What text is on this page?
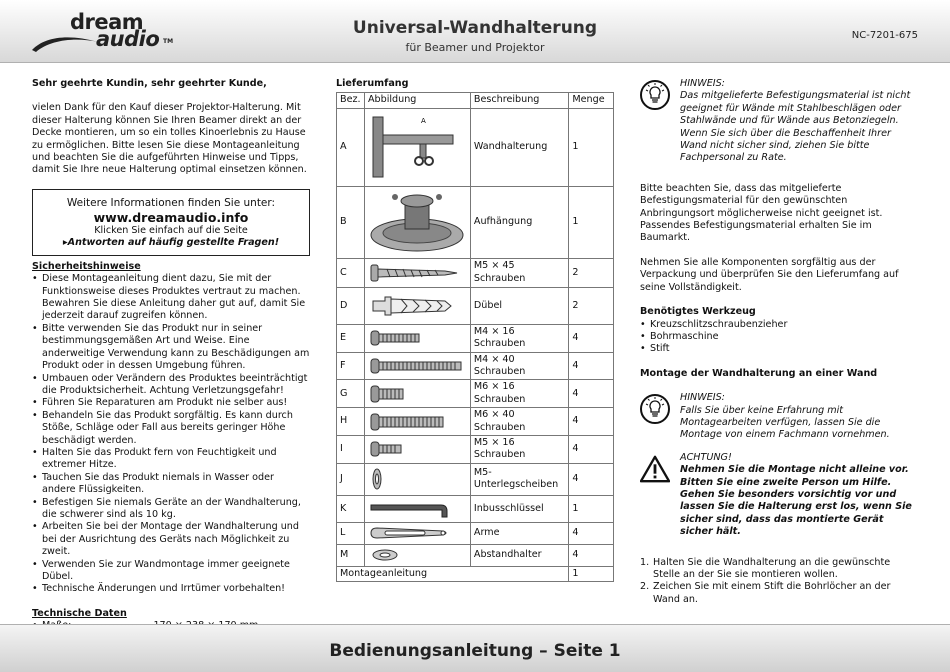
dream
audio TM
Universal-Wandhalterung
für Beamer und Projektor
NC-7201-675
Sehr geehrte Kundin, sehr geehrter Kunde,

vielen Dank für den Kauf dieser Projektor-Halterung. Mit dieser Halterung können Sie Ihren Beamer direkt an der Decke montieren, um so ein tolles Kinoerlebnis zu Hause zu ermöglichen. Bitte lesen Sie diese Montageanleitung und beachten Sie die aufgeführten Hinweise und Tipps, damit Sie Ihre neue Halterung optimal einsetzen können.

Weitere Informationen finden Sie unter:
www.dreamaudio.info
Klicken Sie einfach auf die Seite
▸Antworten auf häufig gestellte Fragen!
Sicherheitshinweise
• Diese Montageanleitung dient dazu, Sie mit der Funktionsweise dieses Produktes vertraut zu machen. Bewahren Sie diese Anleitung daher gut auf, damit Sie jederzeit darauf zugreifen können.
• Bitte verwenden Sie das Produkt nur in seiner bestimmungsgemäßen Art und Weise. Eine anderweitige Verwendung kann zu Beschädigungen am Produkt oder in dessen Umgebung führen.
• Umbauen oder Verändern des Produktes beeinträchtigt die Produktsicherheit. Achtung Verletzungsgefahr!
• Führen Sie Reparaturen am Produkt nie selber aus!
• Behandeln Sie das Produkt sorgfältig. Es kann durch Stöße, Schläge oder Fall aus bereits geringer Höhe beschädigt werden.
• Halten Sie das Produkt fern von Feuchtigkeit und extremer Hitze.
• Tauchen Sie das Produkt niemals in Wasser oder andere Flüssigkeiten.
• Befestigen Sie niemals Geräte an der Wandhalterung, die schwerer sind als 10 kg.
• Arbeiten Sie bei der Montage der Wandhalterung und bei der Ausrichtung des Geräts nach Möglichkeit zu zweit.
• Verwenden Sie zur Wandmontage immer geeignete Dübel.
• Technische Änderungen und Irrtümer vorbehalten!
Technische Daten
•
•
•
•
Lieferumfang
Bez.	Abbildung	Beschreibung	Menge
A	A	Wandhalterung	1
B		Aufhängung	1
C		M5 × 45 Schrauben	2
D		Dübel	2
E		M4 × 16 Schrauben	4
F		M4 × 40 Schrauben	4
G		M6 × 16 Schrauben	4
H		M6 × 40 Schrauben	4
I		M5 × 16 Schrauben	4
J		M5-Unterlegscheiben	4
K		Inbusschlüssel	1
L		Arme	4
M		Abstandhalter	4
Montageanleitung			1
HINWEIS:
Das mitgelieferte Befestigungsmaterial ist nicht geeignet für Wände mit Stahlbeschlägen oder Stahlwände und für Wände aus Betonziegeln. Wenn Sie sich über die Beschaffenheit Ihrer Wand nicht sicher sind, ziehen Sie bitte Fachpersonal zu Rate.

Bitte beachten Sie, dass das mitgelieferte Befestigungsmaterial für den gewünschten Anbringungsort möglicherweise nicht geeignet ist. Passendes Befestigungsmaterial erhalten Sie im Baumarkt.

Nehmen Sie alle Komponenten sorgfältig aus der Verpackung und überprüfen Sie den Lieferumfang auf seine Vollständigkeit.

Benötigtes Werkzeug
• Kreuzschlitzschraubenzieher
• Bohrmaschine
• Stift
Montage der Wandhalterung an einer Wand
HINWEIS:
Falls Sie über keine Erfahrung mit Montagearbeiten verfügen, lassen Sie die Montage von einem Fachmann vornehmen.
ACHTUNG!
Nehmen Sie die Montage nicht alleine vor. Bitten Sie eine zweite Person um Hilfe. Gehen Sie besonders vorsichtig vor und lassen Sie die Halterung erst los, wenn Sie sicher sind, dass das montierte Gerät sicher hält.
1. Halten Sie die Wandhalterung an die gewünschte Stelle an der Sie sie montieren wollen.
2. Zeichen Sie mit einem Stift die Bohrlöcher an der Wand an.
Bedienungsanleitung – Seite 1
